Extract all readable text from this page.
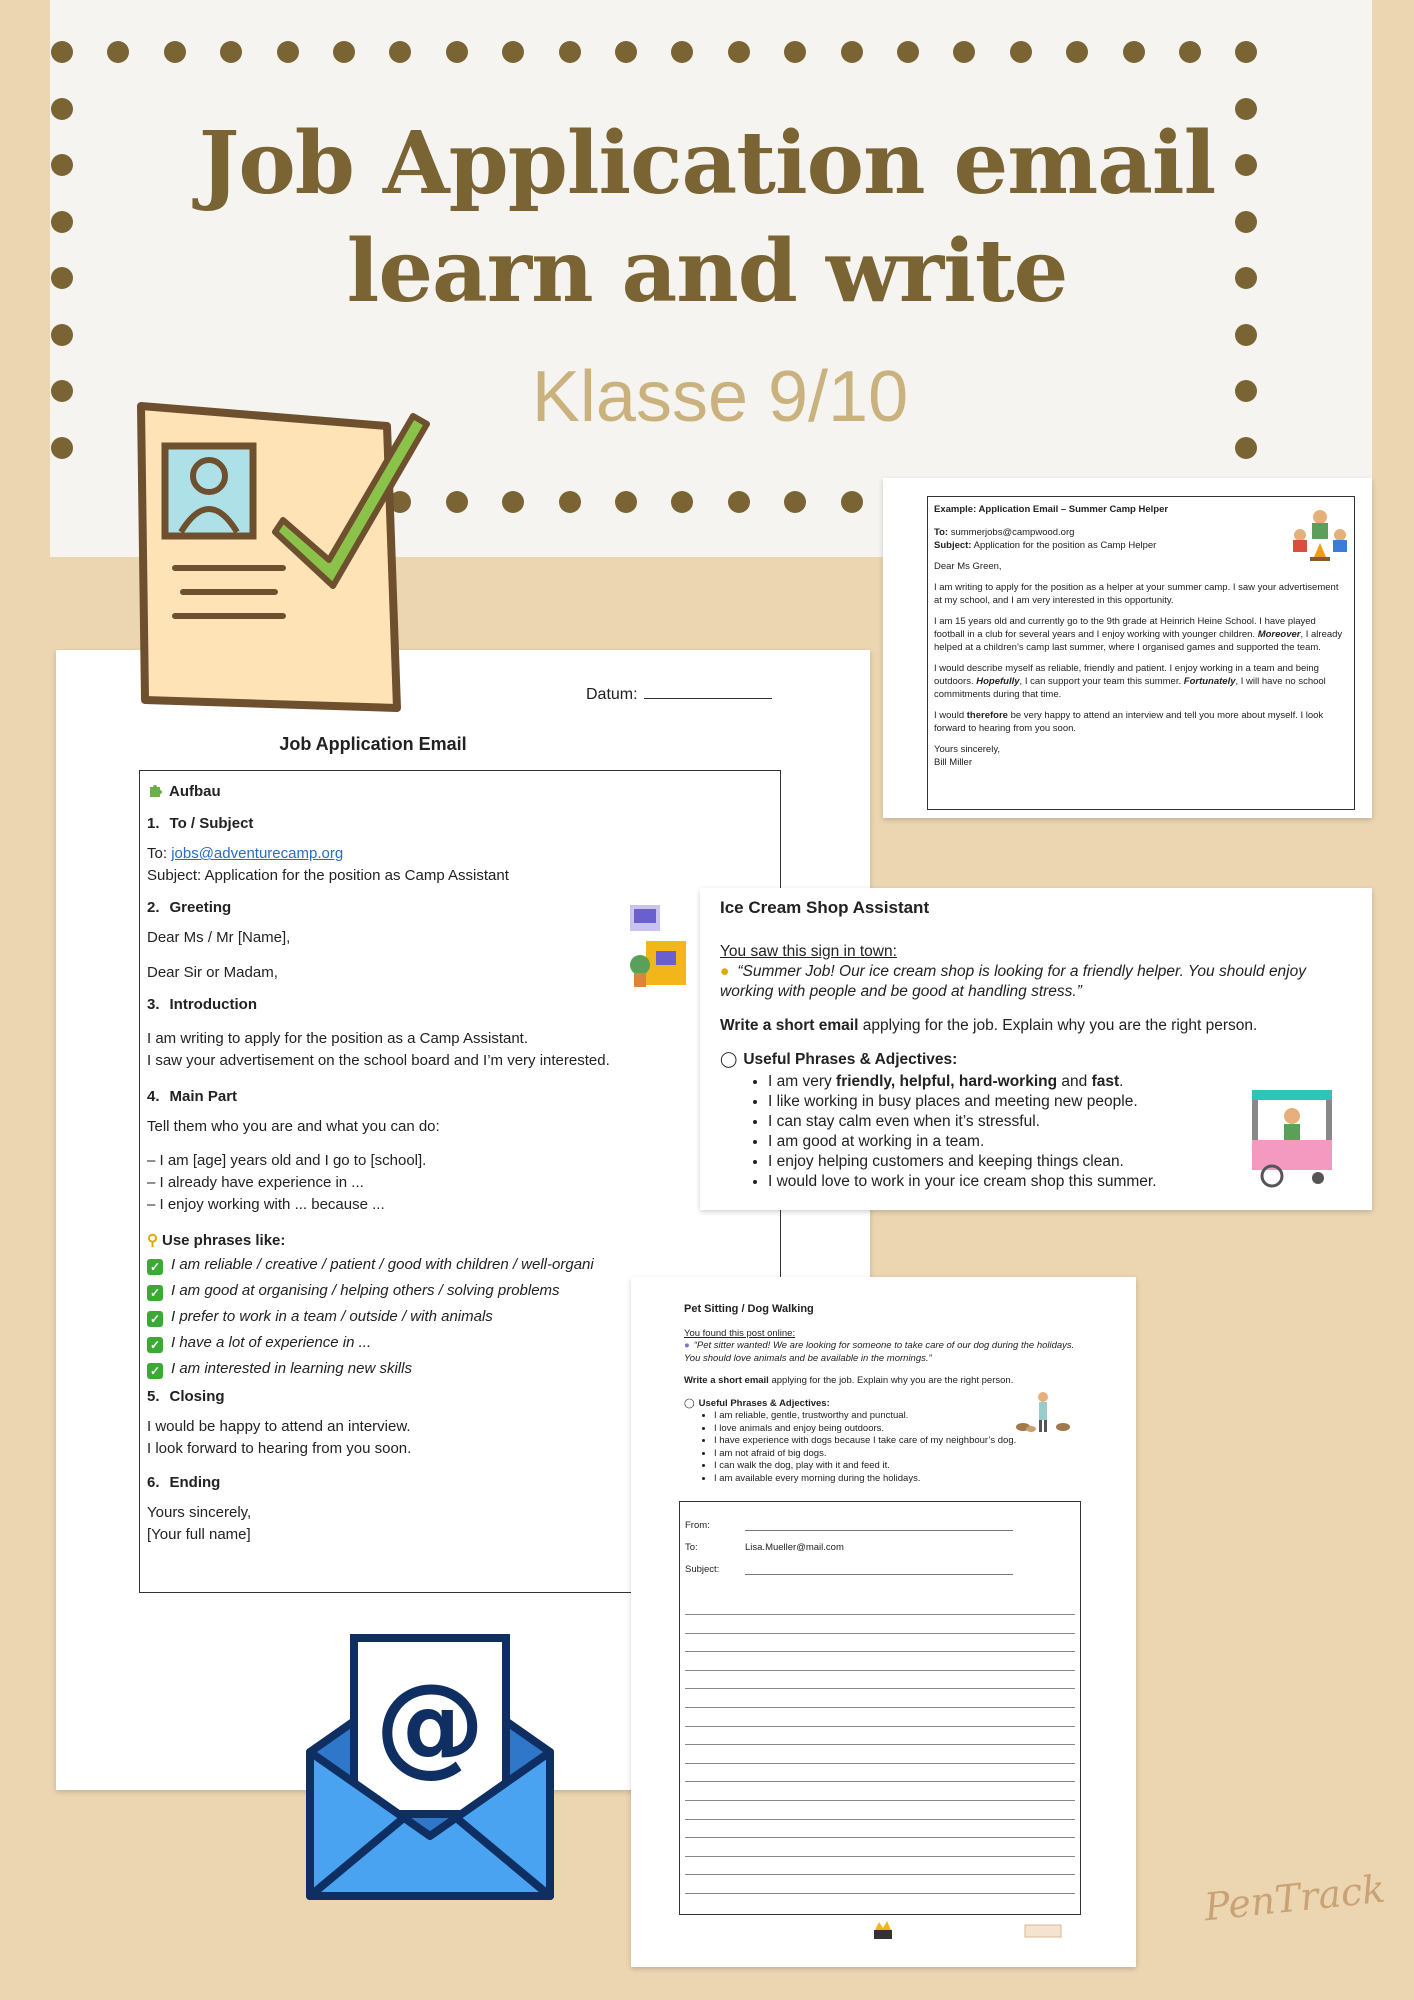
Job Application email
learn and write
Klasse 9/10
Datum:
Job Application Email
Aufbau
1. To / Subject
To: jobs@adventurecamp.org
Subject: Application for the position as Camp Assistant
2. Greeting
Dear Ms / Mr [Name],
Dear Sir or Madam,
3. Introduction
I am writing to apply for the position as a Camp Assistant.
I saw your advertisement on the school board and I’m very interested.
4. Main Part
Tell them who you are and what you can do:
– I am [age] years old and I go to [school].
– I already have experience in ...
– I enjoy working with ... because ...
⚲ Use phrases like:
✓ I am reliable / creative / patient / good with children / well-organi
✓ I am good at organising / helping others / solving problems
✓ I prefer to work in a team / outside / with animals
✓ I have a lot of experience in ...
✓ I am interested in learning new skills
5. Closing
I would be happy to attend an interview.
I look forward to hearing from you soon.
6. Ending
Yours sincerely,
[Your full name]

Example: Application Email – Summer Camp Helper

To: summerjobs@campwood.org

Subject: Application for the position as Camp Helper

Dear Ms Green,

I am writing to apply for the position as a helper at your summer camp. I saw your advertisement at my school, and I am very interested in this opportunity.

I am 15 years old and currently go to the 9th grade at Heinrich Heine School. I have played football in a club for several years and I enjoy working with younger children. Moreover, I already helped at a children’s camp last summer, where I organised games and supported the team.

I would describe myself as reliable, friendly and patient. I enjoy working in a team and being outdoors. Hopefully, I can support your team this summer. Fortunately, I will have no school commitments during that time.

I would therefore be very happy to attend an interview and tell you more about myself. I look forward to hearing from you soon.

Yours sincerely,
Bill Miller
Ice Cream Shop Assistant
You saw this sign in town:
● “Summer Job! Our ice cream shop is looking for a friendly helper. You should enjoy working with people and be good at handling stress.”
Write a short email applying for the job. Explain why you are the right person.
◯ Useful Phrases & Adjectives:
• I am very friendly, helpful, hard-working and fast.
• I like working in busy places and meeting new people.
• I can stay calm even when it’s stressful.
• I am good at working in a team.
• I enjoy helping customers and keeping things clean.
• I would love to work in your ice cream shop this summer.
Pet Sitting / Dog Walking
You found this post online:
● “Pet sitter wanted! We are looking for someone to take care of our dog during the holidays. You should love animals and be available in the mornings.”
Write a short email applying for the job. Explain why you are the right person.
◯ Useful Phrases & Adjectives:
• I am reliable, gentle, trustworthy and punctual.
• I love animals and enjoy being outdoors.
• I have experience with dogs because I take care of my neighbour’s dog.
• I am not afraid of big dogs.
• I can walk the dog, play with it and feed it.
• I am available every morning during the holidays.
From:
To:	Lisa.Mueller@mail.com
Subject:
@
PenTrack
